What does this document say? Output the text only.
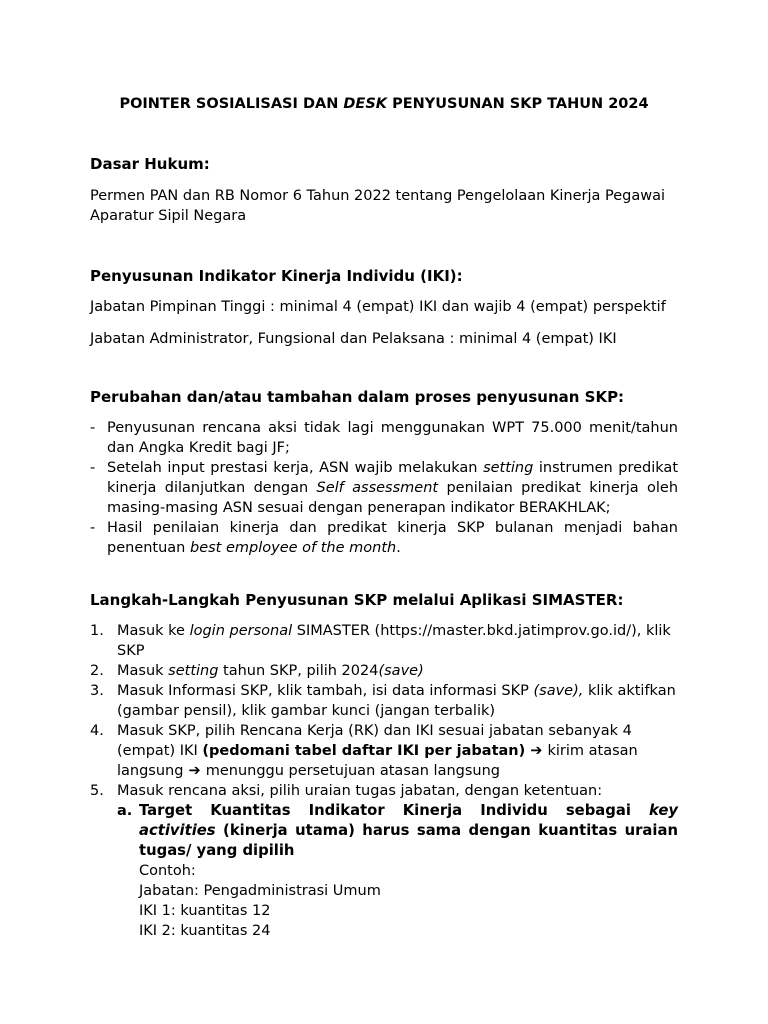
POINTER SOSIALISASI DAN DESK PENYUSUNAN SKP TAHUN 2024
Dasar Hukum:

Permen PAN dan RB Nomor 6 Tahun 2022 tentang Pengelolaan Kinerja Pegawai Aparatur Sipil Negara

Penyusunan Indikator Kinerja Individu (IKI):

Jabatan Pimpinan Tinggi : minimal 4 (empat) IKI dan wajib 4 (empat) perspektif

Jabatan Administrator, Fungsional dan Pelaksana : minimal 4 (empat) IKI

Perubahan dan/atau tambahan dalam proses penyusunan SKP:
- Penyusunan rencana aksi tidak lagi menggunakan WPT 75.000 menit/tahun dan Angka Kredit bagi JF;
- Setelah input prestasi kerja, ASN wajib melakukan setting instrumen predikat kinerja dilanjutkan dengan Self assessment penilaian predikat kinerja oleh masing-masing ASN sesuai dengan penerapan indikator BERAKHLAK;
- Hasil penilaian kinerja dan predikat kinerja SKP bulanan menjadi bahan penentuan best employee of the month.
Langkah-Langkah Penyusunan SKP melalui Aplikasi SIMASTER:
1. Masuk ke login personal SIMASTER (https://master.bkd.jatimprov.go.id/), klik SKP
2. Masuk setting tahun SKP, pilih 2024(save)
3. Masuk Informasi SKP, klik tambah, isi data informasi SKP (save), klik aktifkan (gambar pensil), klik gambar kunci (jangan terbalik)
4. Masuk SKP, pilih Rencana Kerja (RK) dan IKI sesuai jabatan sebanyak 4 (empat) IKI (pedomani tabel daftar IKI per jabatan) ➔ kirim atasan langsung ➔ menunggu persetujuan atasan langsung
5. Masuk rencana aksi, pilih uraian tugas jabatan, dengan ketentuan:
a. Target Kuantitas Indikator Kinerja Individu sebagai key activities (kinerja utama) harus sama dengan kuantitas uraian tugas/ yang dipilih
Contoh:
Jabatan: Pengadministrasi Umum
IKI 1: kuantitas 12
IKI 2: kuantitas 24
